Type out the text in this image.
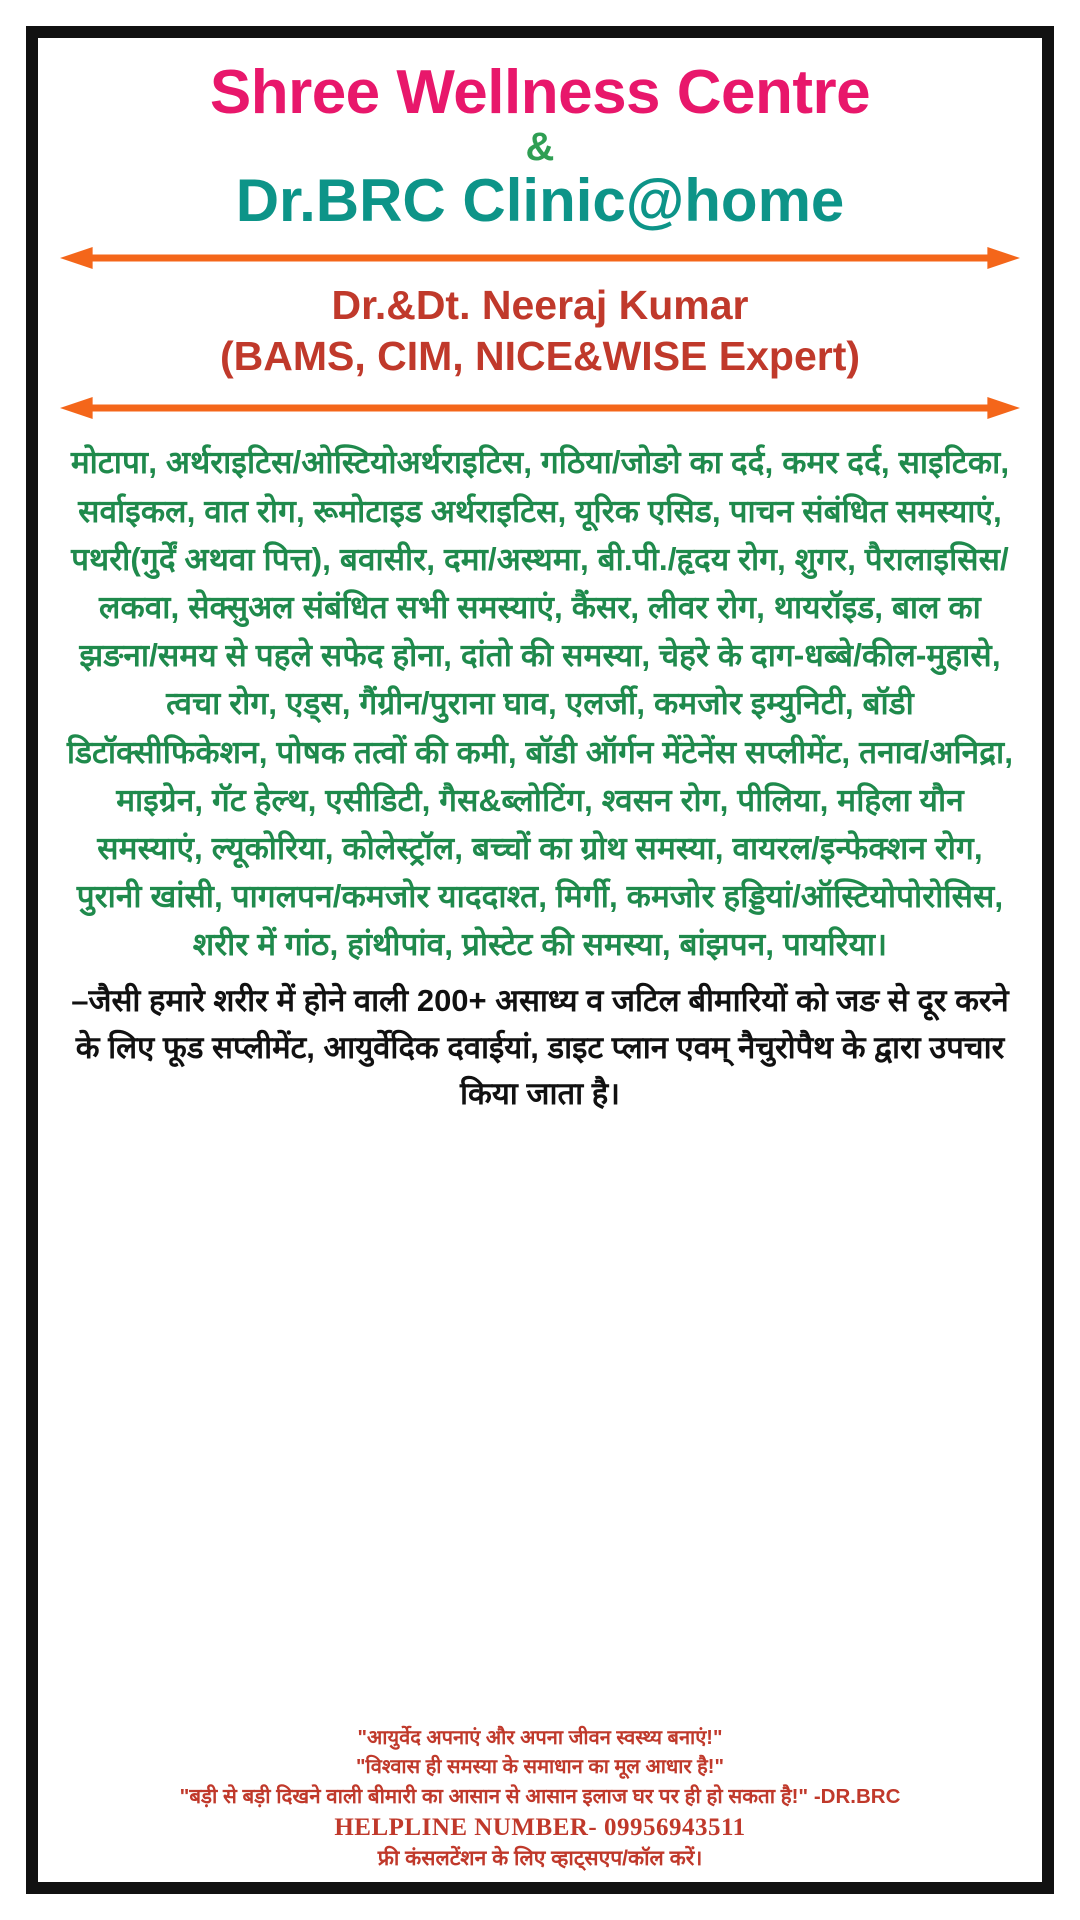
Shree Wellness Centre
&
Dr.BRC Clinic@home
Dr.&Dt. Neeraj Kumar
(BAMS, CIM, NICE&WISE Expert)
मोटापा, अर्थराइटिस/ओस्टियोअर्थराइटिस, गठिया/जोङो का दर्द, कमर दर्द, साइटिका, सर्वाइकल, वात रोग, रूमोटाइड अर्थराइटिस, यूरिक एसिड, पाचन संबंधित समस्याएं, पथरी(गुर्दें अथवा पित्त), बवासीर, दमा/अस्थमा, बी.पी./हृदय रोग, शुगर, पैरालाइसिस/लकवा, सेक्सुअल संबंधित सभी समस्याएं, कैंसर, लीवर रोग, थायरॉइड, बाल का झङना/समय से पहले सफेद होना, दांतो की समस्या, चेहरे के दाग-धब्बे/कील-मुहासे, त्वचा रोग, एड्स, गैंग्रीन/पुराना घाव, एलर्जी, कमजोर इम्युनिटी, बॉडी डिटॉक्सीफिकेशन, पोषक तत्वों की कमी, बॉडी ऑर्गन मेंटेनेंस सप्लीमेंट, तनाव/अनिद्रा, माइग्रेन, गॅट हेल्थ, एसीडिटी, गैस&ब्लोटिंग, श्वसन रोग, पीलिया, महिला यौन समस्याएं, ल्यूकोरिया, कोलेस्ट्रॉल, बच्चों का ग्रोथ समस्या, वायरल/इन्फेक्शन रोग, पुरानी खांसी, पागलपन/कमजोर याददाश्त, मिर्गी, कमजोर हड्डियां/ऑस्टियोपोरोसिस, शरीर में गांठ, हांथीपांव, प्रोस्टेट की समस्या, बांझपन, पायरिया।
–जैसी हमारे शरीर में होने वाली 200+ असाध्य व जटिल बीमारियों को जङ से दूर करने के लिए फूड सप्लीमेंट, आयुर्वेदिक दवाईयां, डाइट प्लान एवम् नैचुरोपैथ के द्वारा उपचार किया जाता है।
"आयुर्वेद अपनाएं और अपना जीवन स्वस्थ्य बनाएं!"
"विश्वास ही समस्या के समाधान का मूल आधार है!"
"बड़ी से बड़ी दिखने वाली बीमारी का आसान से आसान इलाज घर पर ही हो सकता है!" -DR.BRC
HELPLINE NUMBER- 09956943511
फ्री कंसलटेंशन के लिए व्हाट्सएप/कॉल करें।
